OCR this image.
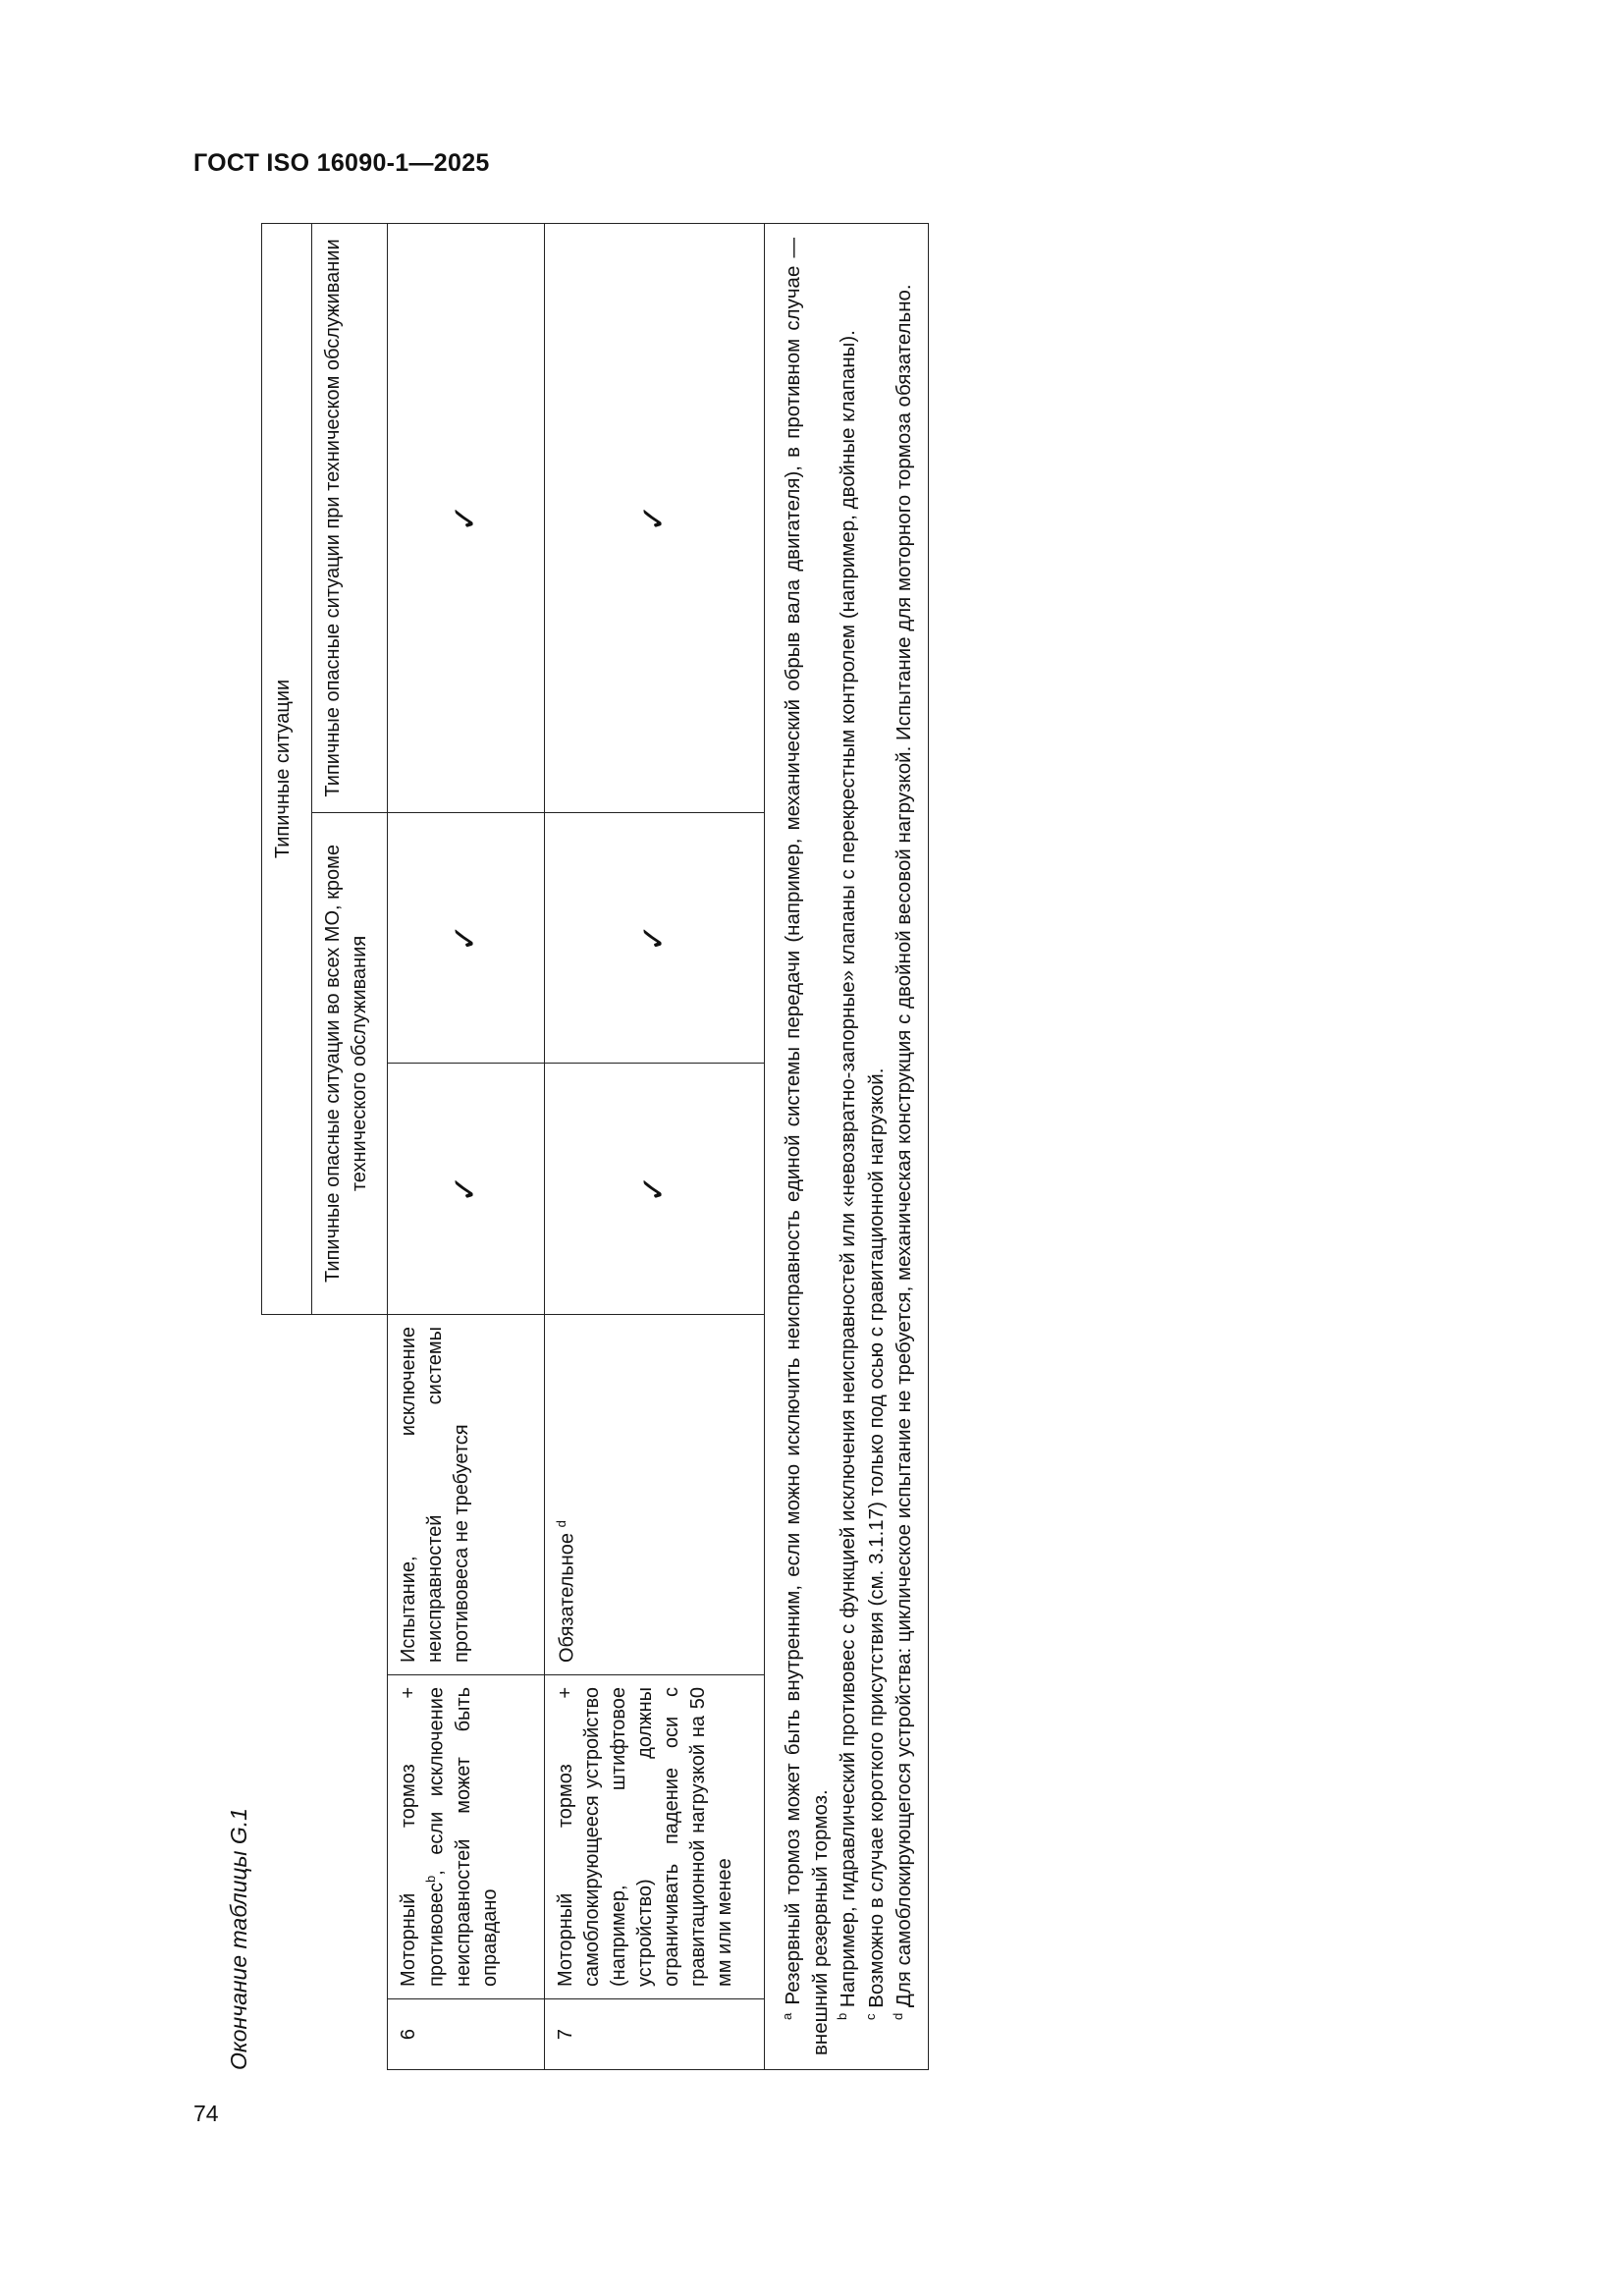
ГОСТ ISO 16090-1—2025
74
			Типичные ситуации		
			Типичные опасные ситуации во всех МО, кроме технического обслуживания		Типичные опасные ситуации при техническом обслуживании
6	Моторный тормоз + противовес$^b$, если исключение неисправностей может быть оправдано	Испытание, исключение неисправностей системы противовеса не требуется	✓	✓	✓
7	Моторный тормоз + самоблокирующееся устройство (например, штифтовое устройство) должны ограничивать падение оси с гравитационной нагрузкой на 50 мм или менее	Обязательное $^d$	✓	✓	✓

$^a$ Резервный тормоз может быть внутренним, если можно исключить неисправность единой системы передачи (например, механический обрыв вала двигателя), в противном случае — внешний резервный тормоз. $^b$ Например, гидравлический противовес с функцией исключения неисправностей или «невозвратно-запорные» клапаны с перекрестным контролем (например, двойные клапаны).

$^c$ Возможно в случае короткого присутствия (см. 3.1.17) только под осью с гравитационной нагрузкой.

$^d$ Для самоблокирующегося устройства: циклическое испытание не требуется, механическая конструкция с двойной весовой нагрузкой. Испытание для моторного тормоза обязательно.					

Окончание таблицы G.1
